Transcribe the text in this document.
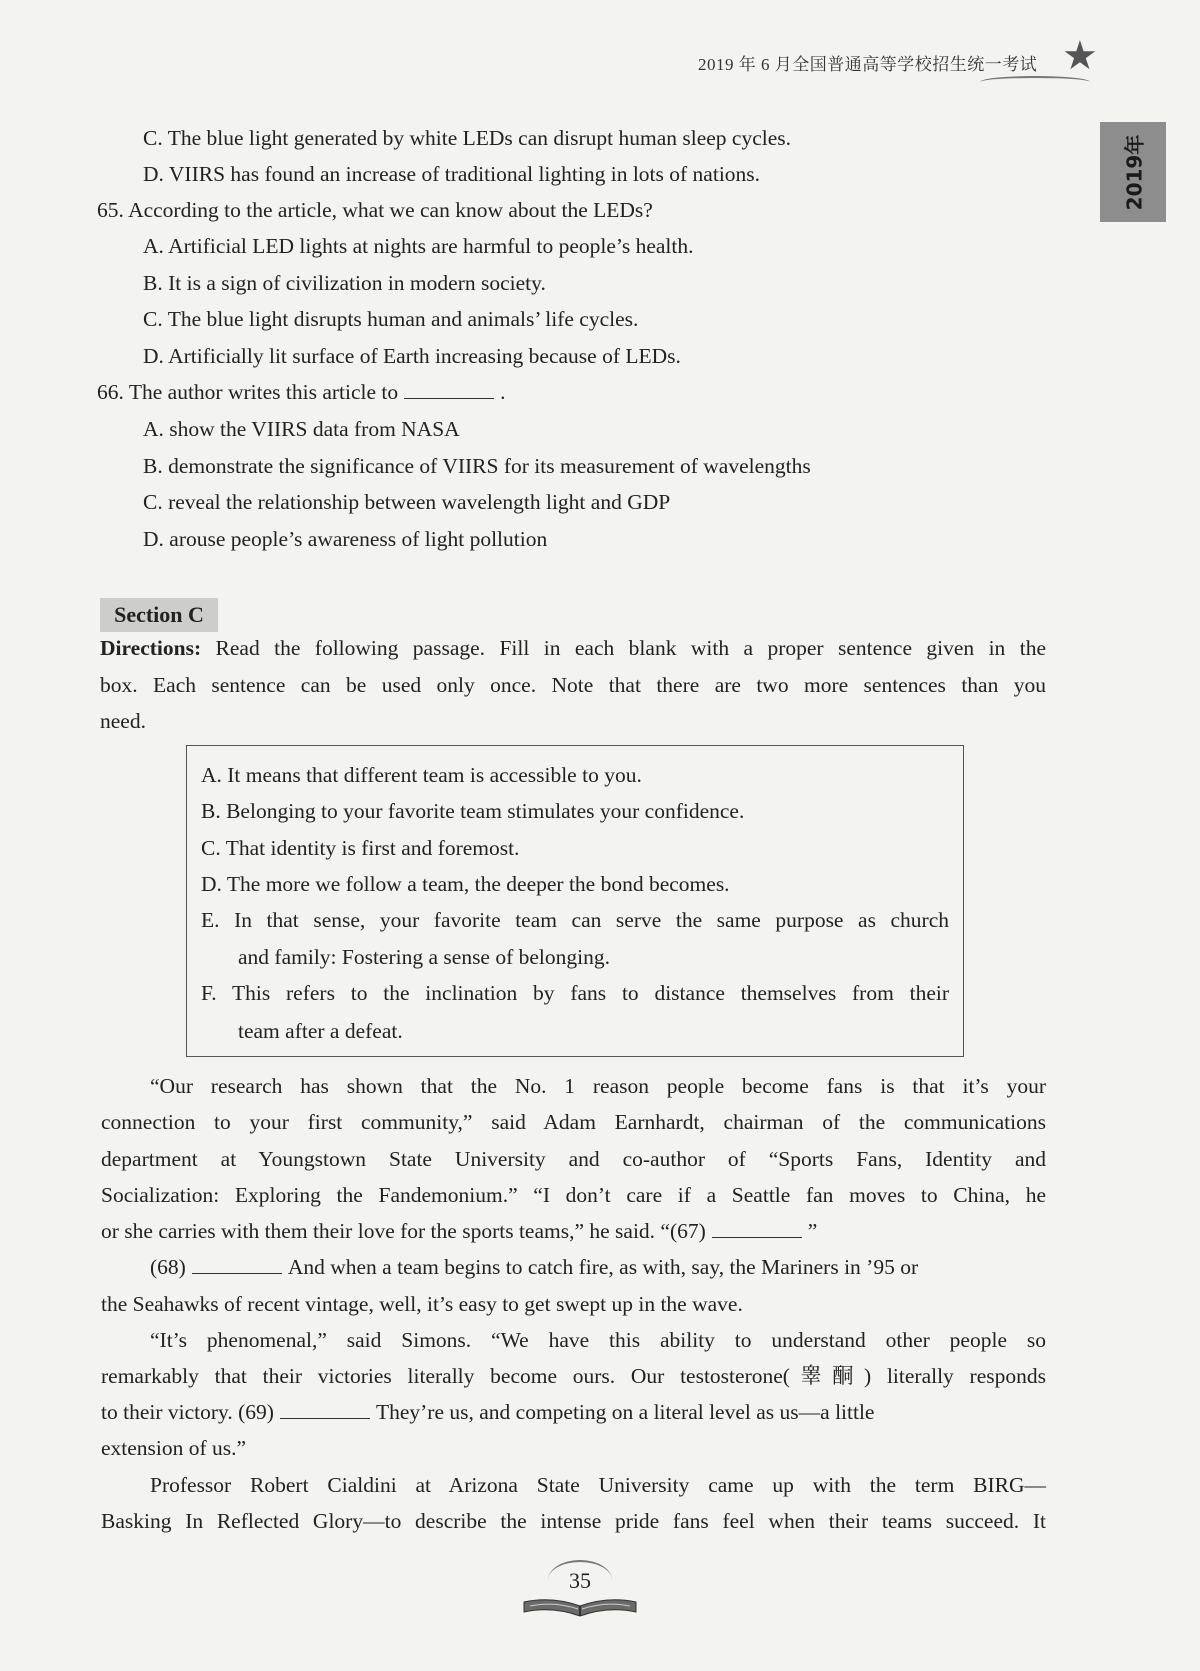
2019 年 6 月全国普通高等学校招生统一考试 ★
2019年
C. The blue light generated by white LEDs can disrupt human sleep cycles.
D. VIIRS has found an increase of traditional lighting in lots of nations.
65. According to the article, what we can know about the LEDs?
A. Artificial LED lights at nights are harmful to people’s health.
B. It is a sign of civilization in modern society.
C. The blue light disrupts human and animals’ life cycles.
D. Artificially lit surface of Earth increasing because of LEDs.
66. The author writes this article to	.
A. show the VIIRS data from NASA
B. demonstrate the significance of VIIRS for its measurement of wavelengths
C. reveal the relationship between wavelength light and GDP
D. arouse people’s awareness of light pollution
Section C
Directions: Read the following passage. Fill in each blank with a proper sentence given in the
box. Each sentence can be used only once. Note that there are two more sentences than you
need.
A. It means that different team is accessible to you.
B. Belonging to your favorite team stimulates your confidence.
C. That identity is first and foremost.
D. The more we follow a team, the deeper the bond becomes.
E. In that sense, your favorite team can serve the same purpose as church
and family: Fostering a sense of belonging.
F. This refers to the inclination by fans to distance themselves from their
team after a defeat.
“Our research has shown that the No. 1 reason people become fans is that it’s your
connection to your first community,” said Adam Earnhardt, chairman of the communications
department at Youngstown State University and co-author of “Sports Fans, Identity and
Socialization: Exploring the Fandemonium.” “I don’t care if a Seattle fan moves to China, he
or she carries with them their love for the sports teams,” he said. “(67)	”
(68)	And when a team begins to catch fire, as with, say, the Mariners in ’95 or
the Seahawks of recent vintage, well, it’s easy to get swept up in the wave.
“It’s phenomenal,” said Simons. “We have this ability to understand other people so
remarkably that their victories literally become ours. Our testosterone(睾酮) literally responds
to their victory. (69)	They’re us, and competing on a literal level as us—a little
extension of us.”
Professor Robert Cialdini at Arizona State University came up with the term BIRG—
Basking In Reflected Glory—to describe the intense pride fans feel when their teams succeed. It
35
